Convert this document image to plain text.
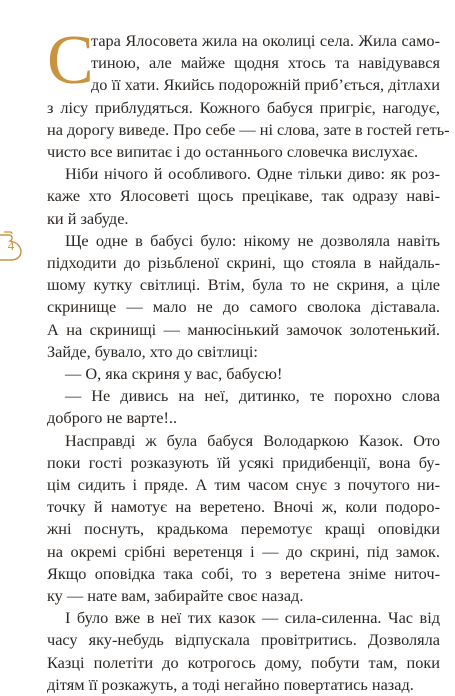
4
С
тара Ялосовета жила на околиці села. Жила само-
тиною, але майже щодня хтось та навідувався
до її хати. Якийсь подорожній прибʼється, дітлахи
з лісу приблудяться. Кожного бабуся пригріє, нагодує,
на дорогу виведе. Про себе — ні слова, зате в гостей геть-
чисто все випитає і до останнього словечка вислухає.
Ніби нічого й особливого. Одне тільки диво: як роз-
каже хто Ялосоветі щось прецікаве, так одразу наві-
ки й забуде.
Ще одне в бабусі було: нікому не дозволяла навіть
підходити до різьбленої скрині, що стояла в найдаль-
шому кутку світлиці. Втім, була то не скриня, а ціле
скринище — мало не до самого сволока діставала.
А на скринищі — манюсінький замочок золотенький.
Зайде, бувало, хто до світлиці:
— О, яка скриня у вас, бабусю!
— Не дивись на неї, дитинко, те порохно слова
доброго не варте!..
Насправді ж була бабуся Володаркою Казок. Ото
поки гості розказують їй усякі придибенції, вона бу-
цім сидить і пряде. А тим часом снує з почутого ни-
точку й намотує на веретено. Вночі ж, коли подоро-
жні поснуть, крадькома перемотує кращі оповідки
на окремі срібні веретенця і — до скрині, під замок.
Якщо оповідка така собі, то з веретена зніме ниточ-
ку — нате вам, забирайте своє назад.
І було вже в неї тих казок — сила-силенна. Час від
часу яку-небудь відпускала провітритись. Дозволяла
Казці полетіти до котрогось дому, побути там, поки
дітям її розкажуть, а тоді негайно повертатись назад.
